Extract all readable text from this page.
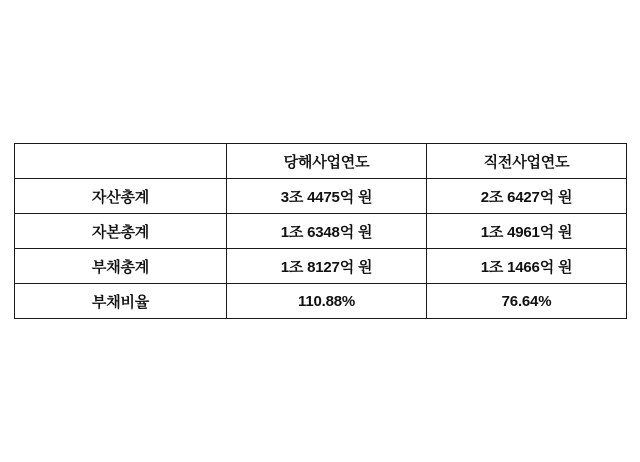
	당해사업연도	직전사업연도
자산총계	3조 4475억 원	2조 6427억 원
자본총계	1조 6348억 원	1조 4961억 원
부채총계	1조 8127억 원	1조 1466억 원
부채비율	110.88%	76.64%
